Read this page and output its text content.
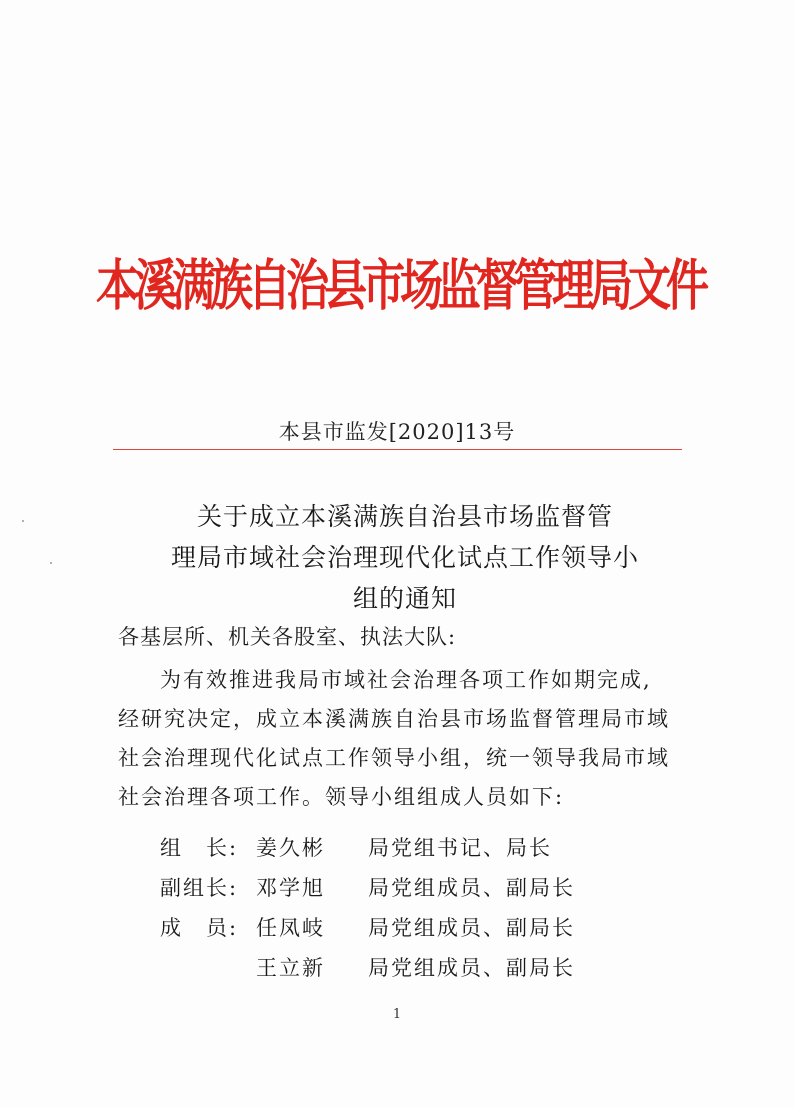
本溪满族自治县市场监督管理局文件
本县市监发[2020]13号
关于成立本溪满族自治县市场监督管
理局市域社会治理现代化试点工作领导小
组的通知
各基层所、机关各股室、执法大队:
为有效推进我局市域社会治理各项工作如期完成,
经研究决定，成立本溪满族自治县市场监督管理局市域
社会治理现代化试点工作领导小组，统一领导我局市域
社会治理各项工作。领导小组组成人员如下:
组　长: 姜久彬	局党组书记、局长
副组长: 邓学旭	局党组成员、副局长
成　员: 任凤岐	局党组成员、副局长
王立新	局党组成员、副局长
1
